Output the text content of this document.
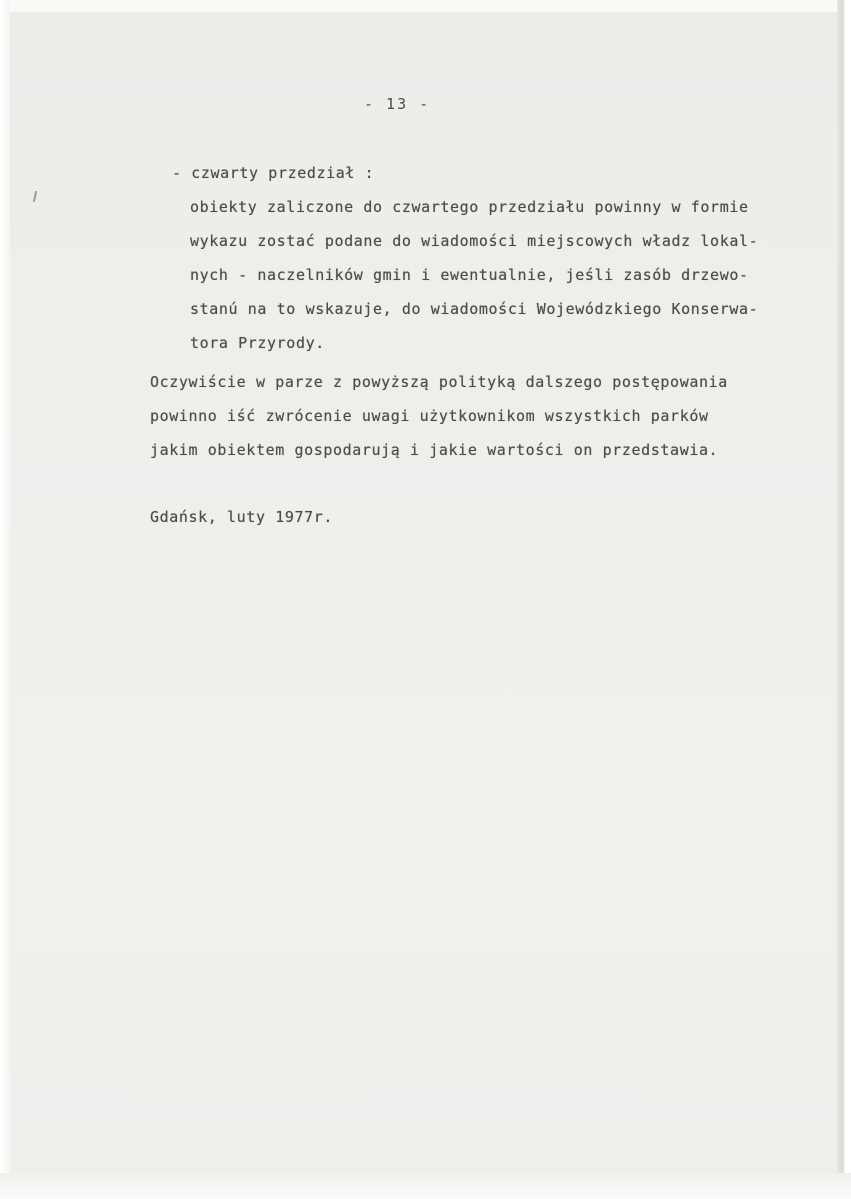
- 13 -
- czwarty przedział :
obiekty zaliczone do czwartego przedziału powinny w formie
wykazu zostać podane do wiadomości miejscowych władz lokal-
nych - naczelników gmin i ewentualnie, jeśli zasób drzewo-
stanú na to wskazuje, do wiadomości Wojewódzkiego Konserwa-
tora Przyrody.
Oczywiście w parze z powyższą polityką dalszego postępowania
powinno iść zwrócenie uwagi użytkownikom wszystkich parków
jakim obiektem gospodarują i jakie wartości on przedstawia.
Gdańsk, luty 1977r.
